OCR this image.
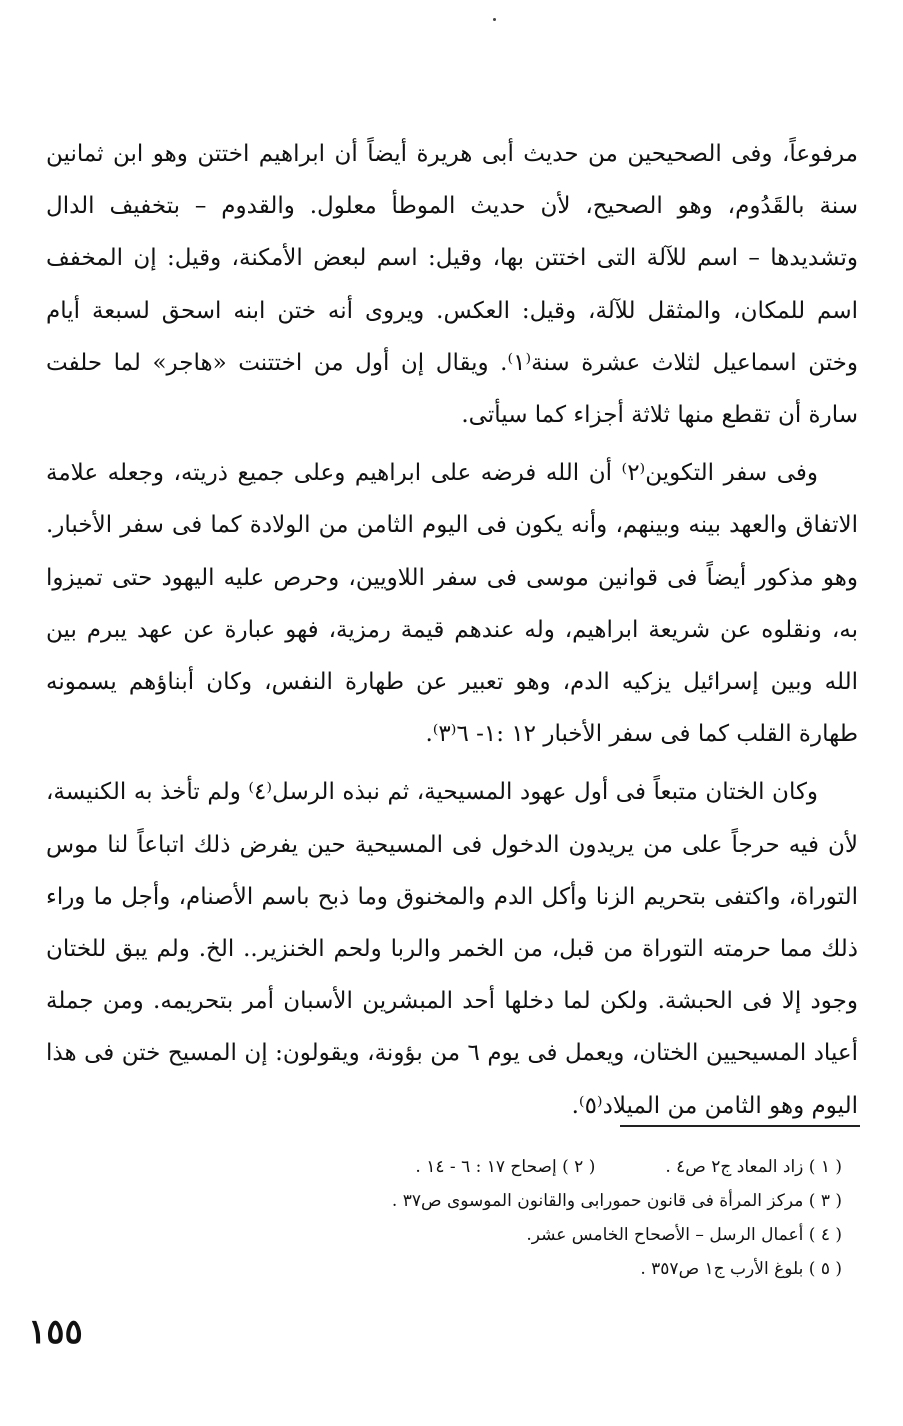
مرفوعاً، وفى الصحيحين من حديث أبى هريرة أيضاً أن ابراهيم اختتن وهو ابن ثمانين سنة بالقَدُوم، وهو الصحيح، لأن حديث الموطأ معلول. والقدوم – بتخفيف الدال وتشديدها – اسم للآلة التى اختتن بها، وقيل: اسم لبعض الأمكنة، وقيل: إن المخفف اسم للمكان، والمثقل للآلة، وقيل: العكس. ويروى أنه ختن ابنه اسحق لسبعة أيام وختن اسماعيل لثلاث عشرة سنة⁽١⁾. ويقال إن أول من اختتنت «هاجر» لما حلفت سارة أن تقطع منها ثلاثة أجزاء كما سيأتى.

وفى سفر التكوين⁽٢⁾ أن الله فرضه على ابراهيم وعلى جميع ذريته، وجعله علامة الاتفاق والعهد بينه وبينهم، وأنه يكون فى اليوم الثامن من الولادة كما فى سفر الأخبار. وهو مذكور أيضاً فى قوانين موسى فى سفر اللاويين، وحرص عليه اليهود حتى تميزوا به، ونقلوه عن شريعة ابراهيم، وله عندهم قيمة رمزية، فهو عبارة عن عهد يبرم بين الله وبين إسرائيل يزكيه الدم، وهو تعبير عن طهارة النفس، وكان أبناؤهم يسمونه طهارة القلب كما فى سفر الأخبار ١٢ :١- ٦⁽٣⁾.

وكان الختان متبعاً فى أول عهود المسيحية، ثم نبذه الرسل⁽٤⁾ ولم تأخذ به الكنيسة، لأن فيه حرجاً على من يريدون الدخول فى المسيحية حين يفرض ذلك اتباعاً لنا موس التوراة، واكتفى بتحريم الزنا وأكل الدم والمخنوق وما ذبح باسم الأصنام، وأجل ما وراء ذلك مما حرمته التوراة من قبل، من الخمر والربا ولحم الخنزير.. الخ. ولم يبق للختان وجود إلا فى الحبشة. ولكن لما دخلها أحد المبشرين الأسبان أمر بتحريمه. ومن جملة أعياد المسيحيين الختان، ويعمل فى يوم ٦ من بؤونة، ويقولون: إن المسيح ختن فى هذا اليوم وهو الثامن من الميلاد⁽٥⁾.

( ١ ) زاد المعاد ج٢ ص٤ .
( ٢ ) إصحاح ١٧ : ٦ - ١٤ .
( ٣ ) مركز المرأة فى قانون حمورابى والقانون الموسوى ص٣٧ .
( ٤ ) أعمال الرسل – الأصحاح الخامس عشر.
( ٥ ) بلوغ الأرب ج١ ص٣٥٧ .
١٥٥
